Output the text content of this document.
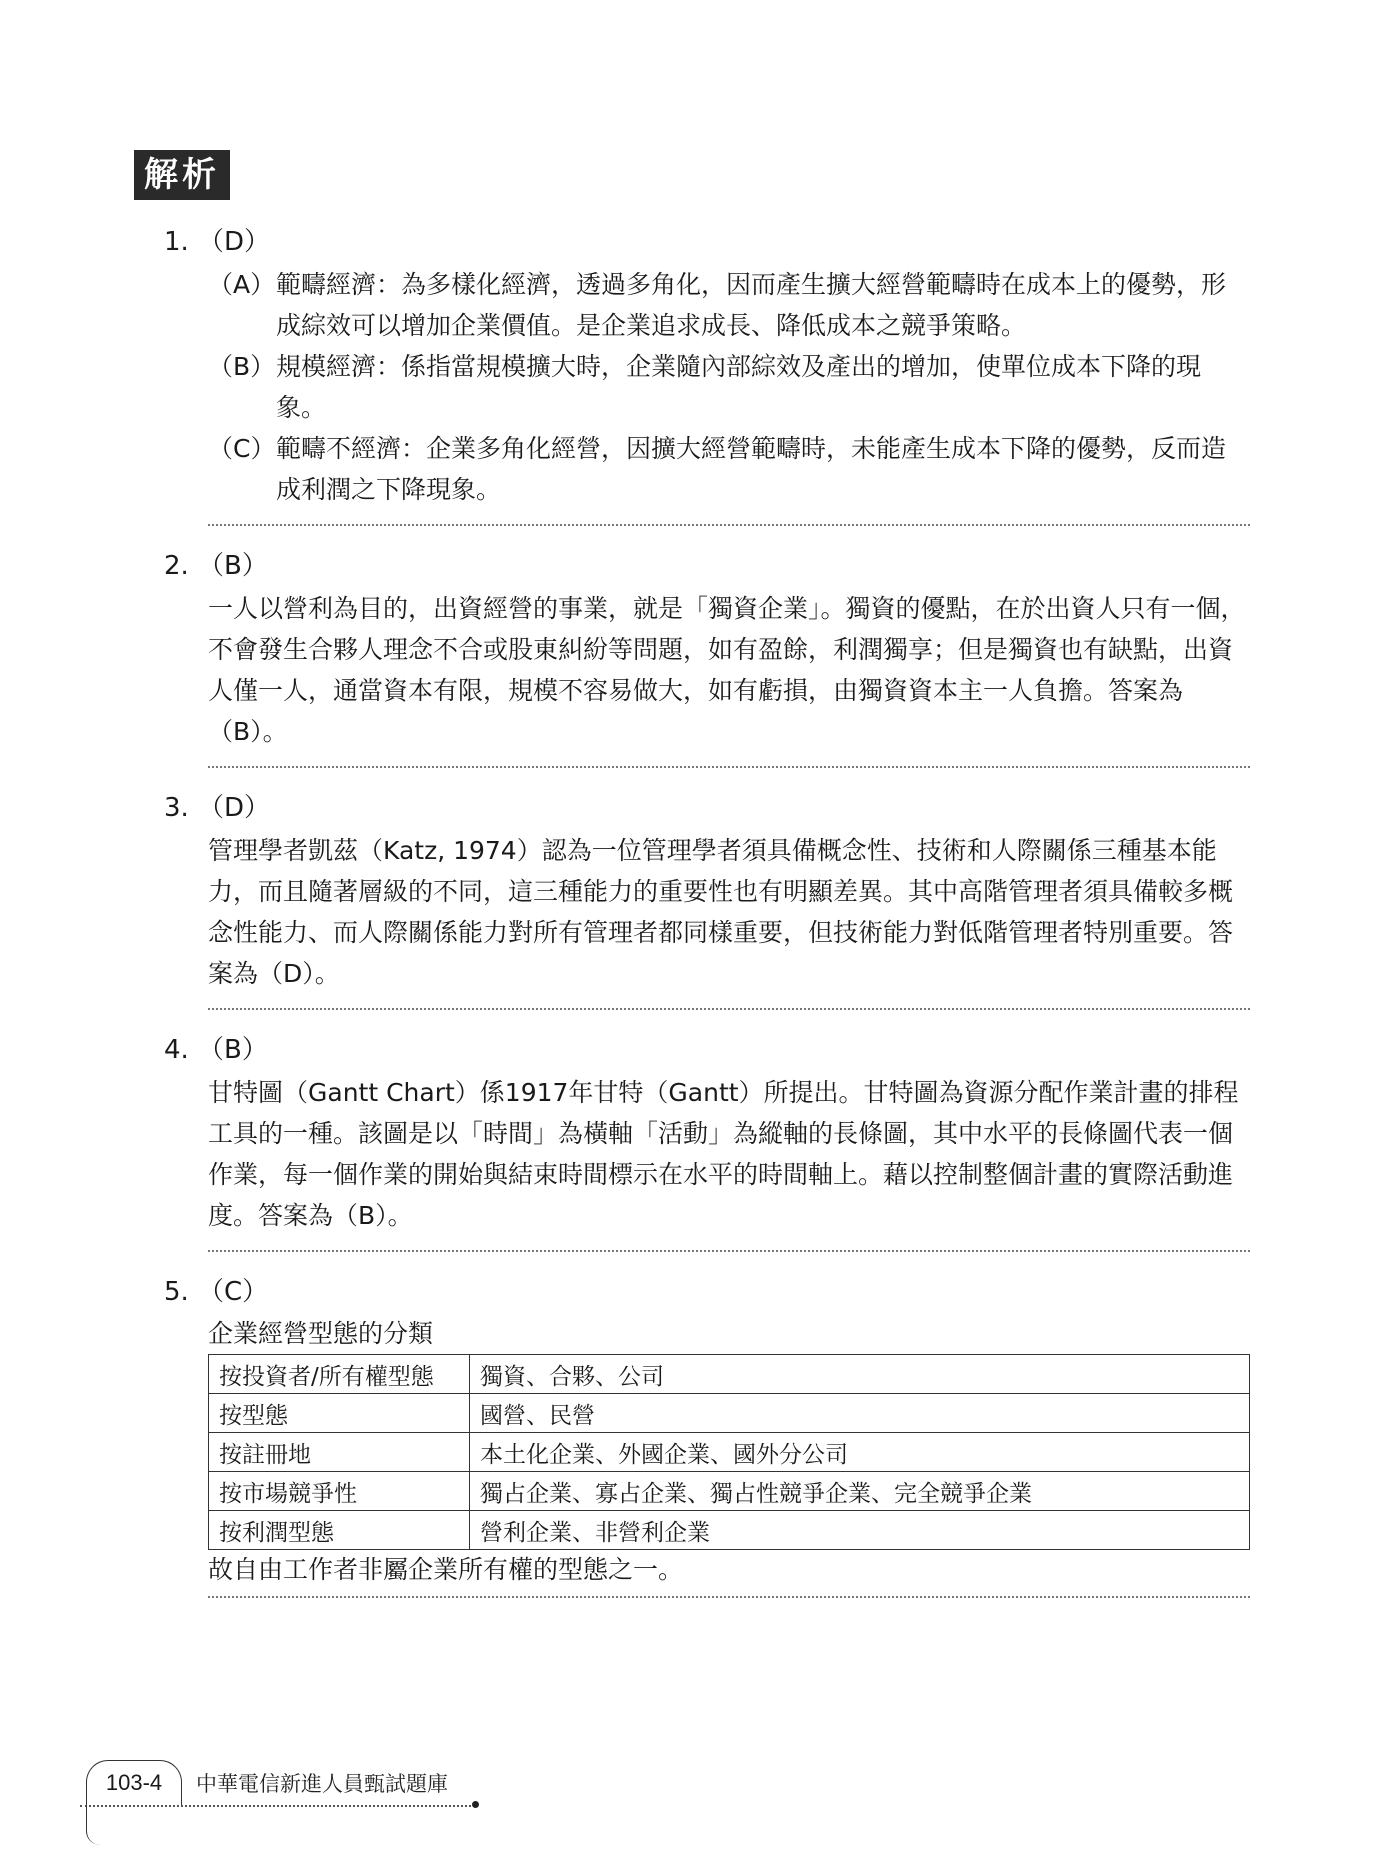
解析
1. （D）
（A） 範疇經濟：為多樣化經濟，透過多角化，因而產生擴大經營範疇時在成本上的優勢，形成綜效可以增加企業價值。是企業追求成長、降低成本之競爭策略。
（B） 規模經濟：係指當規模擴大時，企業隨內部綜效及產出的增加，使單位成本下降的現象。
（C） 範疇不經濟：企業多角化經營，因擴大經營範疇時，未能產生成本下降的優勢，反而造成利潤之下降現象。
2. （B）
一人以營利為目的，出資經營的事業，就是「獨資企業」。獨資的優點，在於出資人只有一個，不會發生合夥人理念不合或股東糾紛等問題，如有盈餘，利潤獨享；但是獨資也有缺點，出資人僅一人，通當資本有限，規模不容易做大，如有虧損，由獨資資本主一人負擔。答案為（B）。
3. （D）
管理學者凱茲（Katz, 1974）認為一位管理學者須具備概念性、技術和人際關係三種基本能力，而且隨著層級的不同，這三種能力的重要性也有明顯差異。其中高階管理者須具備較多概念性能力、而人際關係能力對所有管理者都同樣重要，但技術能力對低階管理者特別重要。答案為（D）。
4. （B）
甘特圖（Gantt Chart）係1917年甘特（Gantt）所提出。甘特圖為資源分配作業計畫的排程工具的一種。該圖是以「時間」為橫軸「活動」為縱軸的長條圖，其中水平的長條圖代表一個作業，每一個作業的開始與結束時間標示在水平的時間軸上。藉以控制整個計畫的實際活動進度。答案為（B）。
5. （C）
企業經營型態的分類
按投資者/所有權型態	獨資、合夥、公司
按型態	國營、民營
按註冊地	本土化企業、外國企業、國外分公司
按市場競爭性	獨占企業、寡占企業、獨占性競爭企業、完全競爭企業
按利潤型態	營利企業、非營利企業
故自由工作者非屬企業所有權的型態之一。
103-4	中華電信新進人員甄試題庫
